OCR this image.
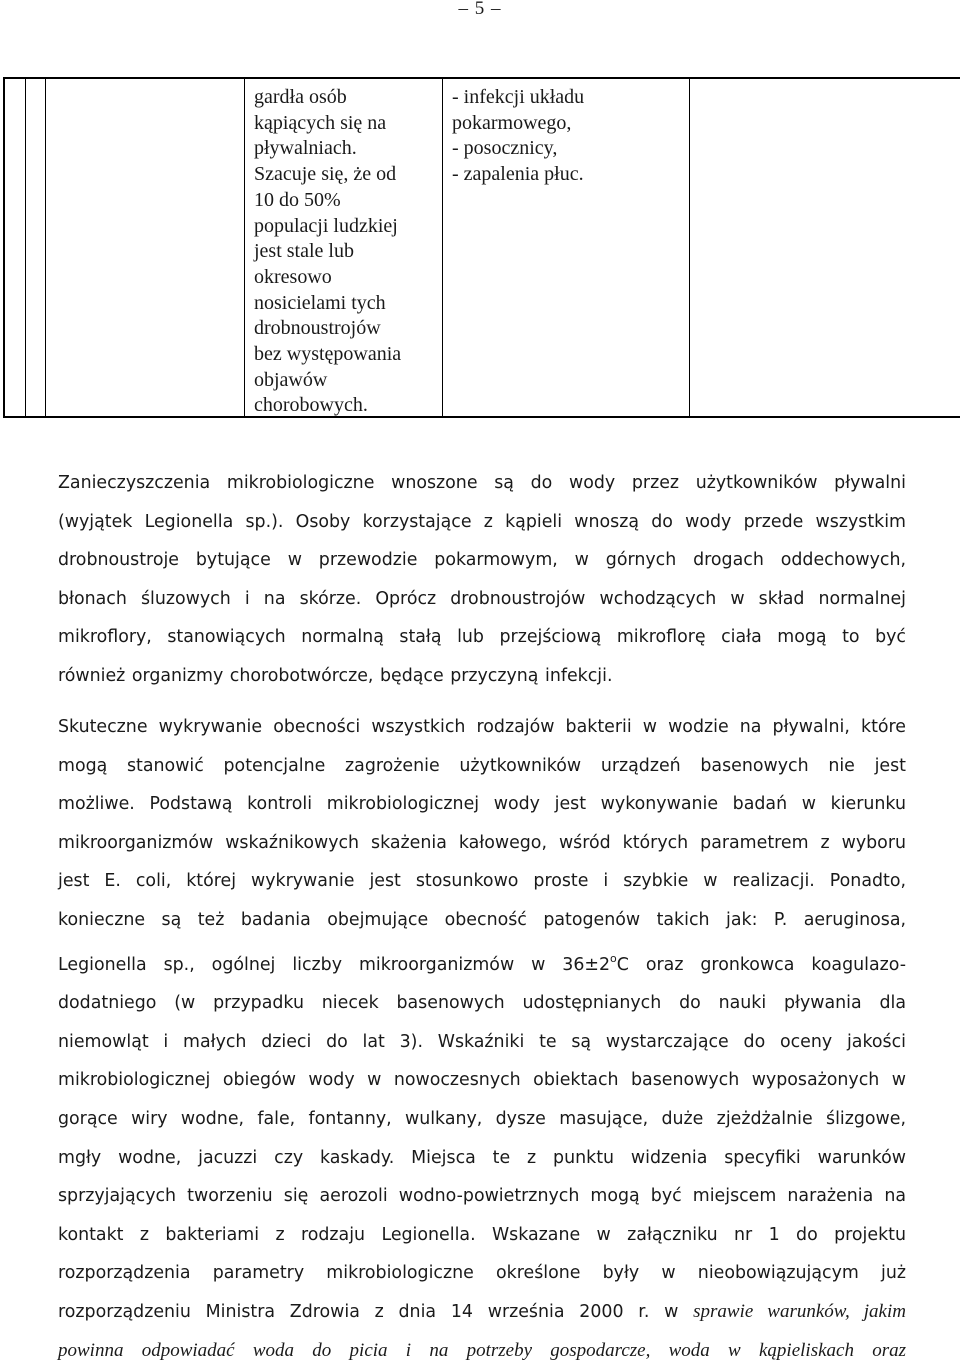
– 5 –
gardła osób
kąpiących się na
pływalniach.
Szacuje się, że od
10 do 50%
populacji ludzkiej
jest stale lub
okresowo
nosicielami tych
drobnoustrojów
bez występowania
objawów
chorobowych.
- infekcji układu
pokarmowego,
- posocznicy,
- zapalenia płuc.
Zanieczyszczenia mikrobiologiczne wnoszone są do wody przez użytkowników pływalni
(wyjątek Legionella sp.). Osoby korzystające z kąpieli wnoszą do wody przede wszystkim
drobnoustroje bytujące w przewodzie pokarmowym, w górnych drogach oddechowych,
błonach śluzowych i na skórze. Oprócz drobnoustrojów wchodzących w skład normalnej
mikroflory, stanowiących normalną stałą lub przejściową mikroflorę ciała mogą to być
również organizmy chorobotwórcze, będące przyczyną infekcji.
Skuteczne wykrywanie obecności wszystkich rodzajów bakterii w wodzie na pływalni, które
mogą stanowić potencjalne zagrożenie użytkowników urządzeń basenowych nie jest
możliwe. Podstawą kontroli mikrobiologicznej wody jest wykonywanie badań w kierunku
mikroorganizmów wskaźnikowych skażenia kałowego, wśród których parametrem z wyboru
jest E. coli, której wykrywanie jest stosunkowo proste i szybkie w realizacji. Ponadto,
konieczne są też badania obejmujące obecność patogenów takich jak: P. aeruginosa,
Legionella sp., ogólnej liczby mikroorganizmów w $36\pm 2^oC$ oraz gronkowca koagulazo-
dodatniego (w przypadku niecek basenowych udostępnianych do nauki pływania dla
niemowląt i małych dzieci do lat 3). Wskaźniki te są wystarczające do oceny jakości
mikrobiologicznej obiegów wody w nowoczesnych obiektach basenowych wyposażonych w
gorące wiry wodne, fale, fontanny, wulkany, dysze masujące, duże zjeżdżalnie ślizgowe,
mgły wodne, jacuzzi czy kaskady. Miejsca te z punktu widzenia specyfiki warunków
sprzyjających tworzeniu się aerozoli wodno-powietrznych mogą być miejscem narażenia na
kontakt z bakteriami z rodzaju Legionella. Wskazane w załączniku nr 1 do projektu
rozporządzenia parametry mikrobiologiczne określone były w nieobowiązującym już
rozporządzeniu Ministra Zdrowia z dnia 14 września 2000 r. w sprawie warunków, jakim
powinna odpowiadać woda do picia i na potrzeby gospodarcze, woda w kąpieliskach oraz
